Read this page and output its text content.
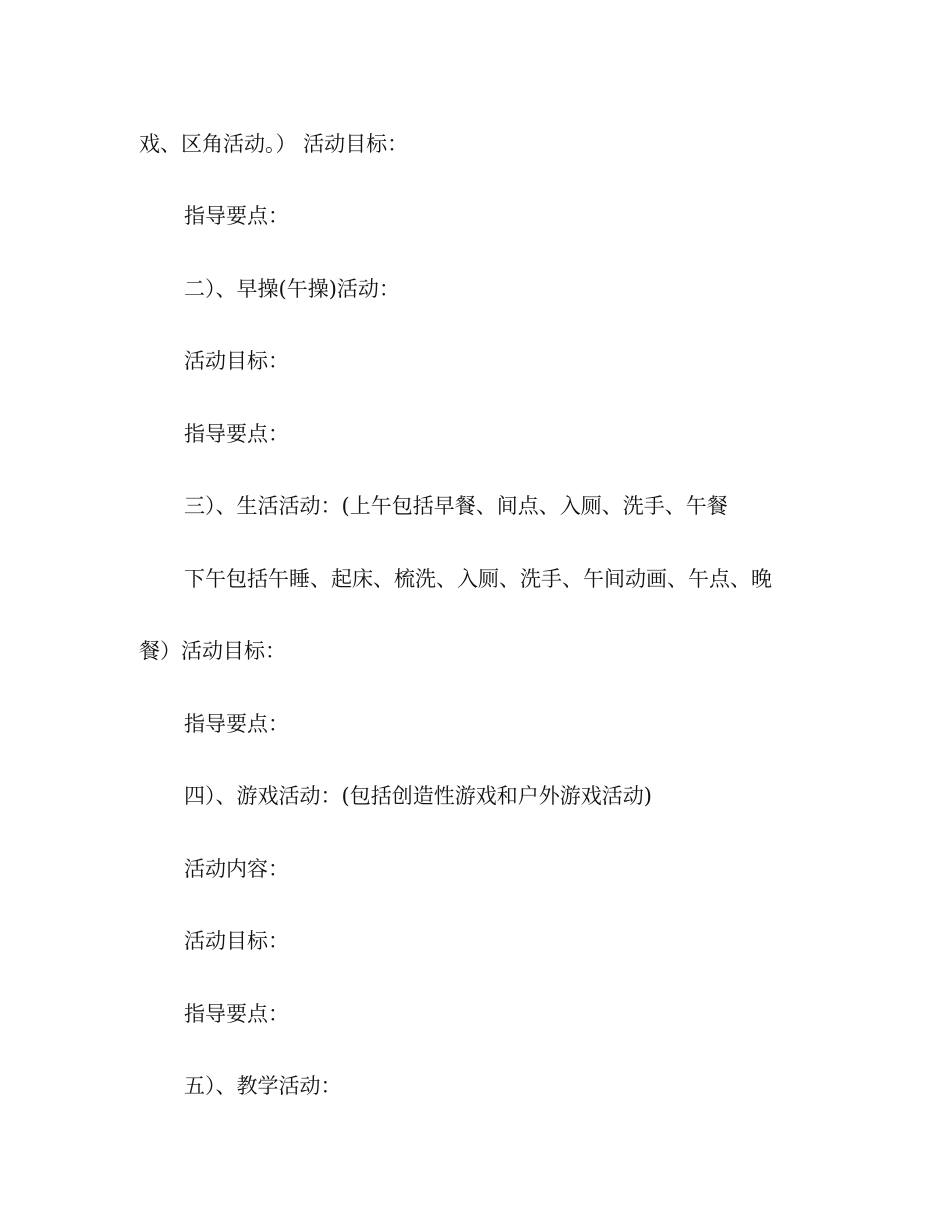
戏、区角活动。） 活动目标：
指导要点：
二）、早操(午操)活动：
活动目标：
指导要点：
三）、生活活动：(上午包括早餐、间点、入厕、洗手、午餐
下午包括午睡、起床、梳洗、入厕、洗手、午间动画、午点、晚
餐）活动目标：
指导要点：
四）、游戏活动：(包括创造性游戏和户外游戏活动)
活动内容：
活动目标：
指导要点：
五）、教学活动：
